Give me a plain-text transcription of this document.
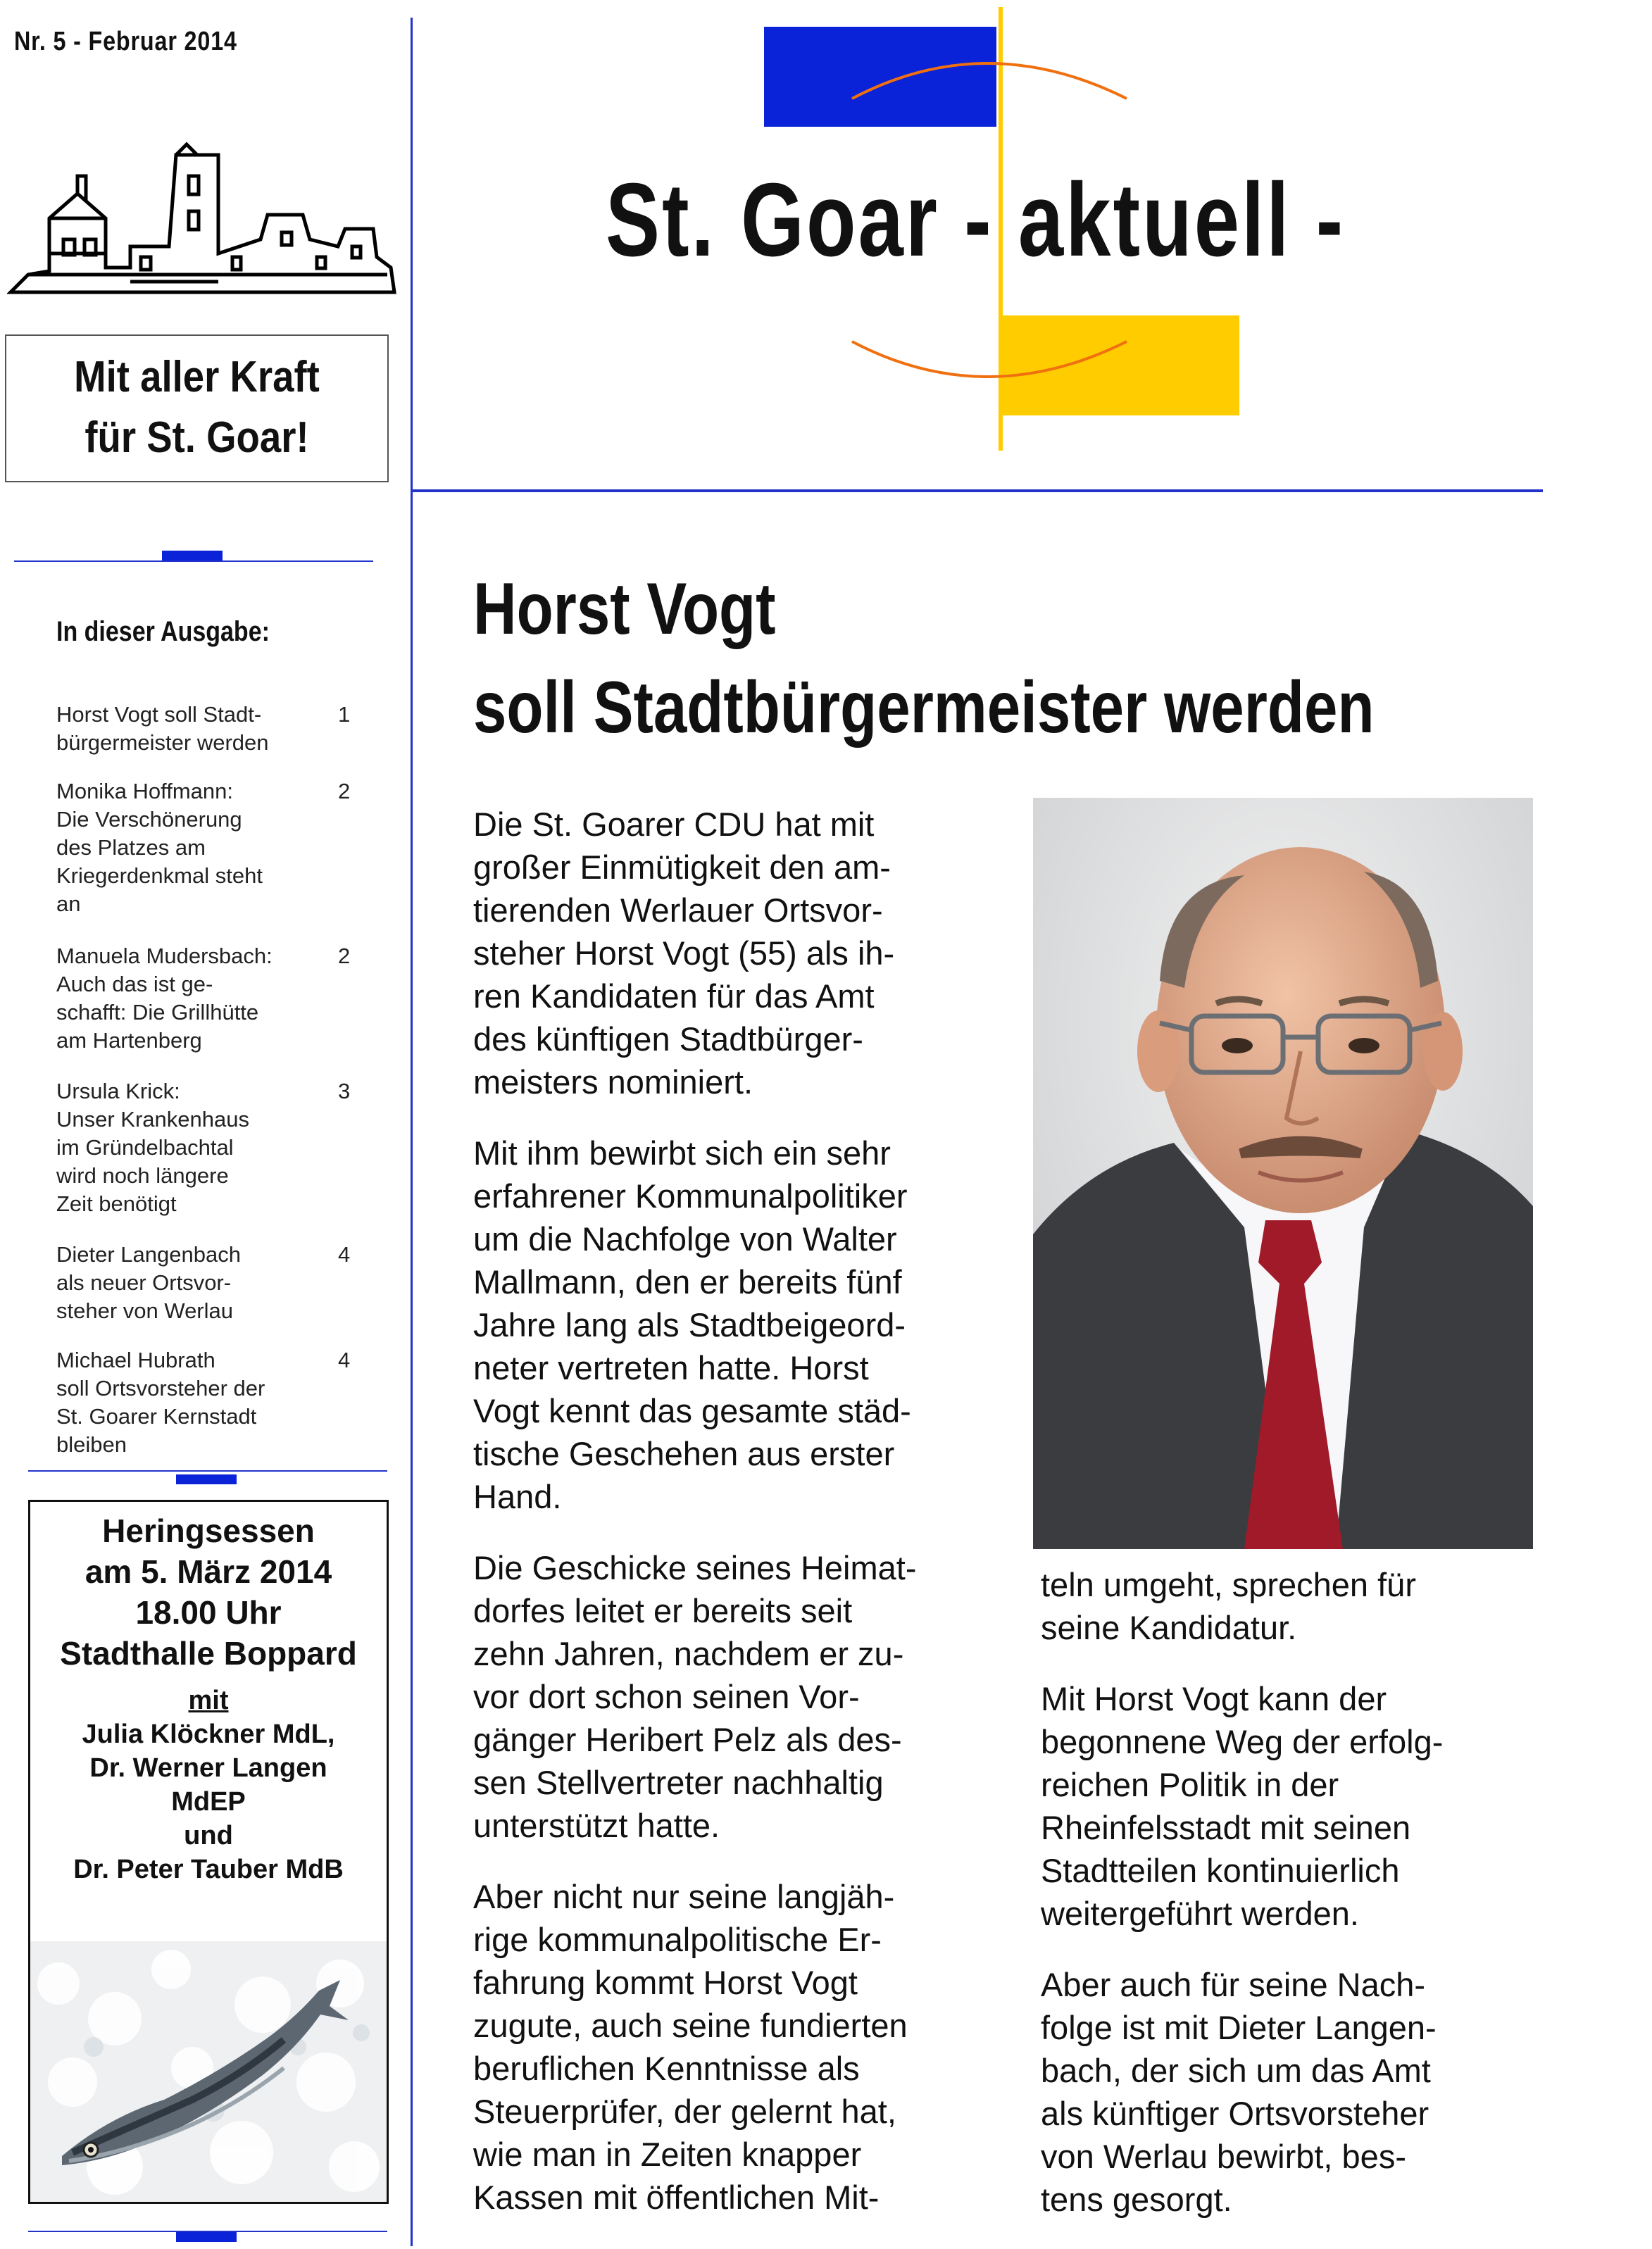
Nr. 5 - Februar 2014
St. Goar - aktuell -
Mit aller Kraft
für St. Goar!
In dieser Ausgabe:
Horst Vogt soll Stadt-
bürgermeister werden
1
Monika Hoffmann:
Die Verschönerung
des Platzes am
Kriegerdenkmal steht
an
2
Manuela Mudersbach:
Auch das ist ge-
schafft: Die Grillhütte
am Hartenberg
2
Ursula Krick:
Unser Krankenhaus
im Gründelbachtal
wird noch längere
Zeit benötigt
3
Dieter Langenbach
als neuer Ortsvor-
steher von Werlau
4
Michael Hubrath
soll Ortsvorsteher der
St. Goarer Kernstadt
bleiben
4
Heringsessen
am 5. März 2014
18.00 Uhr
Stadthalle Boppard
mit
Julia Klöckner MdL,
Dr. Werner Langen
MdEP
und
Dr. Peter Tauber MdB
Horst Vogt
soll Stadtbürgermeister werden

Die St. Goarer CDU hat mit
großer Einmütigkeit den am-
tierenden Werlauer Ortsvor-
steher Horst Vogt (55) als ih-
ren Kandidaten für das Amt
des künftigen Stadtbürger-
meisters nominiert.

Mit ihm bewirbt sich ein sehr
erfahrener Kommunalpolitiker
um die Nachfolge von Walter
Mallmann, den er bereits fünf
Jahre lang als Stadtbeigeord-
neter vertreten hatte. Horst
Vogt kennt das gesamte städ-
tische Geschehen aus erster
Hand.

Die Geschicke seines Heimat-
dorfes leitet er bereits seit
zehn Jahren, nachdem er zu-
vor dort schon seinen Vor-
gänger Heribert Pelz als des-
sen Stellvertreter nachhaltig
unterstützt hatte.

Aber nicht nur seine langjäh-
rige kommunalpolitische Er-
fahrung kommt Horst Vogt
zugute, auch seine fundierten
beruflichen Kenntnisse als
Steuerprüfer, der gelernt hat,
wie man in Zeiten knapper
Kassen mit öffentlichen Mit-

teln umgeht, sprechen für
seine Kandidatur.

Mit Horst Vogt kann der
begonnene Weg der erfolg-
reichen Politik in der
Rheinfelsstadt mit seinen
Stadtteilen kontinuierlich
weitergeführt werden.

Aber auch für seine Nach-
folge ist mit Dieter Langen-
bach, der sich um das Amt
als künftiger Ortsvorsteher
von Werlau bewirbt, bes-
tens gesorgt.
